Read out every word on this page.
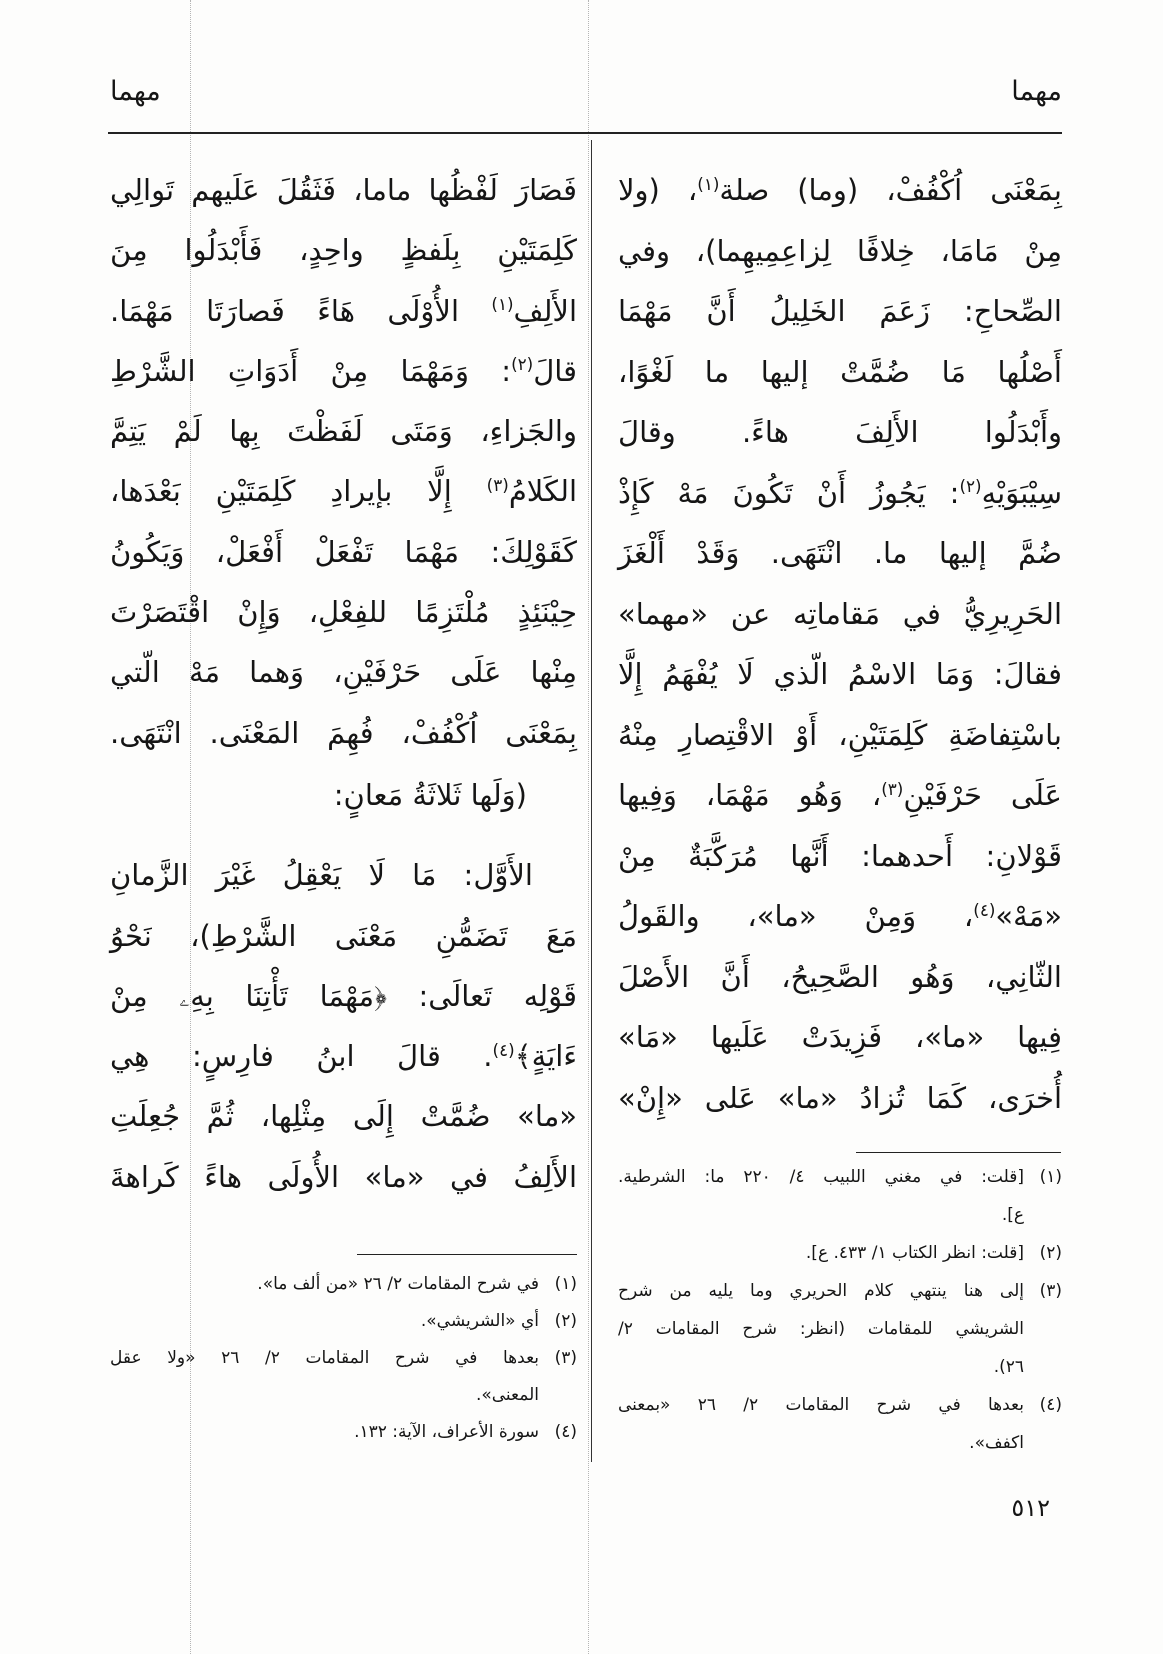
مهما
مهما
بِمَعْنَى اُكْفُفْ، (وما) صلة$^{(١)}$، (ولا
مِنْ مَامَا، خِلافًا لِزاعِمِيهِما)، وفي
الصِّحاحِ: زَعَمَ الخَلِيلُ أَنَّ مَهْمَا
أَصْلُها مَا ضُمَّتْ إليها ما لَغْوًا،
وأَبْدَلُوا الأَلِفَ هاءً. وقالَ
سِيْبَوَيْهِ$^{(٢)}$: يَجُوزُ أَنْ تَكُونَ مَهْ كَإِذْ
ضُمَّ إليها ما. انْتَهَى. وَقَدْ أَلْغَزَ
الحَرِيرِيُّ في مَقاماتِه عن «مهما»
فقالَ: وَمَا الاسْمُ الّذي لَا يُفْهَمُ إِلَّا
باسْتِفاضَةِ كَلِمَتَيْنِ، أَوْ الاقْتِصارِ مِنْهُ
عَلَى حَرْفَيْنِ$^{(٣)}$، وَهُو مَهْمَا، وَفِيها
قَوْلانِ: أَحدهما: أَنَّها مُرَكَّبَةٌ مِنْ
«مَهْ»$^{(٤)}$، وَمِنْ «ما»، والقَولُ
الثّانِي، وَهُو الصَّحِيحُ، أَنَّ الأَصْلَ
فِيها «ما»، فَزِيدَتْ عَلَيها «مَا»
أُخرَى، كَمَا تُزادُ «ما» عَلى «إِنْ»
فَصَارَ لَفْظُها ماما، فَثَقُلَ عَلَيهم تَوالِي
كَلِمَتَيْنِ بِلَفظٍ واحِدٍ، فَأَبْدَلُوا مِنَ
الأَلِفِ$^{(١)}$ الأُوْلَى هَاءً فَصارَتَا مَهْمَا.
قالَ$^{(٢)}$: وَمَهْمَا مِنْ أَدَوَاتِ الشَّرْطِ
والجَزاءِ، وَمَتَى لَفَظْتَ بِها لَمْ يَتِمَّ
الكَلامُ$^{(٣)}$ إِلَّا بإيرادِ كَلِمَتَيْنِ بَعْدَها،
كَقَوْلِكَ: مَهْمَا تَفْعَلْ أَفْعَلْ، وَيَكُونُ
حِيْنَئِذٍ مُلْتَزِمًا للفِعْلِ، وَإِنْ اقْتَصَرْتَ
مِنْها عَلَى حَرْفَيْنِ، وَهما مَهْ الّتي
بِمَعْنَى اُكْفُفْ، فُهِمَ المَعْنَى. انْتَهَى.
(وَلَها ثَلاثَةُ مَعانٍ:
الأَوَّل: مَا لَا يَعْقِلُ غَيْرَ الزَّمانِ
مَعَ تَضَمُّنِ مَعْنَى الشَّرْطِ)، نَحْوُ
قَوْلِه تَعالَى: ﴿مَهْمَا تَأْتِنَا بِهِۦ مِنْ
ءَايَةٍ﴾$^{(٤)}$. قالَ ابنُ فارِسٍ: هِي
«ما» ضُمَّتْ إِلَى مِثْلِها، ثُمَّ جُعِلَتِ
الأَلِفُ في «ما» الأُولَى هاءً كَراهةَ	(١)
[قلت: في مغني اللبيب ٤/ ٢٢٠ ما: الشرطية.
ع].
(٢)
[قلت: انظر الكتاب ١/ ٤٣٣. ع].
(٣)
إلى هنا ينتهي كلام الحريري وما يليه من شرح
الشريشي للمقامات (انظر: شرح المقامات ٢/
٢٦).
(٤)
بعدها في شرح المقامات ٢/ ٢٦ «بمعنى
اكفف».
(١)
في شرح المقامات ٢/ ٢٦ «من ألف ما».
(٢)
أي «الشريشي».
(٣)
بعدها في شرح المقامات ٢/ ٢٦ «ولا عقل
المعنى».
(٤)
سورة الأعراف، الآية: ١٣٢.
٥١٢
